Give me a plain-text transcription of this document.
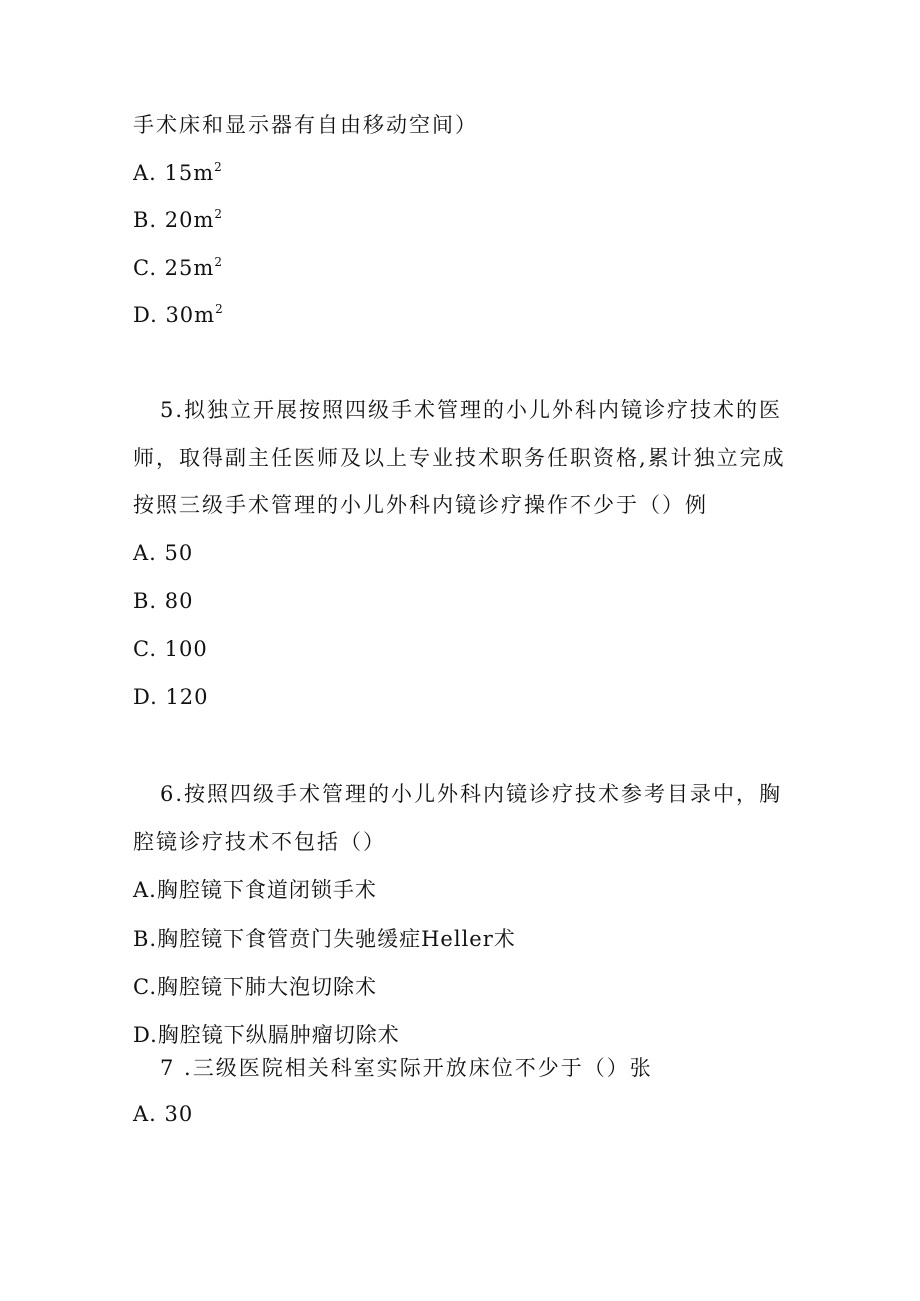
手术床和显示器有自由移动空间）
A. $15m^2$
B. $20m^2$
C. $25m^2$
D. $30m^2$
5.拟独立开展按照四级手术管理的小儿外科内镜诊疗技术的医
师，取得副主任医师及以上专业技术职务任职资格,累计独立完成
按照三级手术管理的小儿外科内镜诊疗操作不少于（）例
A. 50
B. 80
C. 100
D. 120
6.按照四级手术管理的小儿外科内镜诊疗技术参考目录中，胸
腔镜诊疗技术不包括（）
A.胸腔镜下食道闭锁手术
B.胸腔镜下食管贲门失驰缓症Heller术
C.胸腔镜下肺大泡切除术
D.胸腔镜下纵膈肿瘤切除术
7 .三级医院相关科室实际开放床位不少于（）张
A. 30
